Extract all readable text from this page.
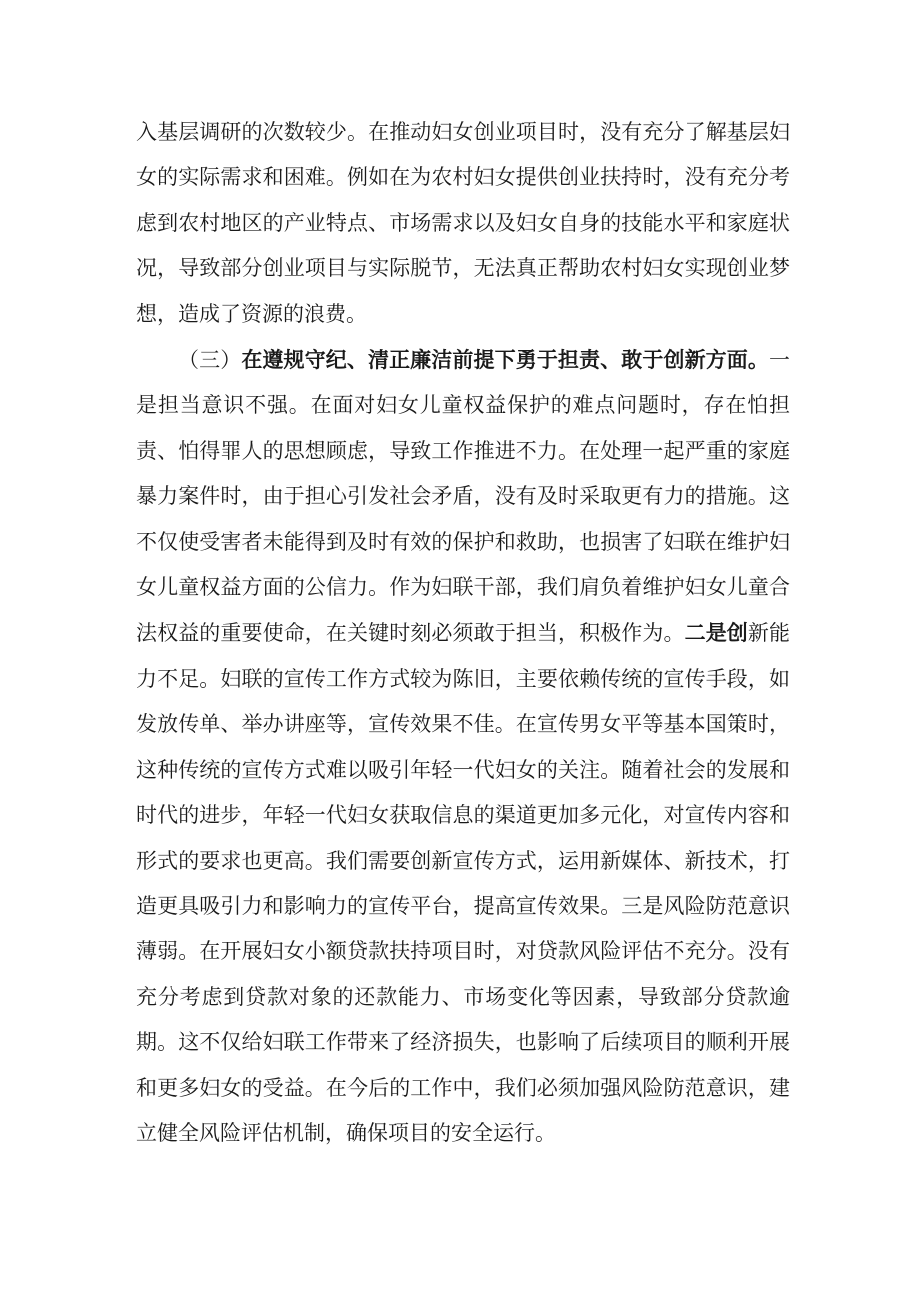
入基层调研的次数较少。在推动妇女创业项目时，没有充分了解基层妇女的实际需求和困难。例如在为农村妇女提供创业扶持时，没有充分考虑到农村地区的产业特点、市场需求以及妇女自身的技能水平和家庭状况，导致部分创业项目与实际脱节，无法真正帮助农村妇女实现创业梦想，造成了资源的浪费。

（三）在遵规守纪、清正廉洁前提下勇于担责、敢于创新方面。一是担当意识不强。在面对妇女儿童权益保护的难点问题时，存在怕担责、怕得罪人的思想顾虑，导致工作推进不力。在处理一起严重的家庭暴力案件时，由于担心引发社会矛盾，没有及时采取更有力的措施。这不仅使受害者未能得到及时有效的保护和救助，也损害了妇联在维护妇女儿童权益方面的公信力。作为妇联干部，我们肩负着维护妇女儿童合法权益的重要使命，在关键时刻必须敢于担当，积极作为。二是创新能力不足。妇联的宣传工作方式较为陈旧，主要依赖传统的宣传手段，如发放传单、举办讲座等，宣传效果不佳。在宣传男女平等基本国策时，这种传统的宣传方式难以吸引年轻一代妇女的关注。随着社会的发展和时代的进步，年轻一代妇女获取信息的渠道更加多元化，对宣传内容和形式的要求也更高。我们需要创新宣传方式，运用新媒体、新技术，打造更具吸引力和影响力的宣传平台，提高宣传效果。三是风险防范意识薄弱。在开展妇女小额贷款扶持项目时，对贷款风险评估不充分。没有充分考虑到贷款对象的还款能力、市场变化等因素，导致部分贷款逾期。这不仅给妇联工作带来了经济损失，也影响了后续项目的顺利开展和更多妇女的受益。在今后的工作中，我们必须加强风险防范意识，建立健全风险评估机制，确保项目的安全运行。
